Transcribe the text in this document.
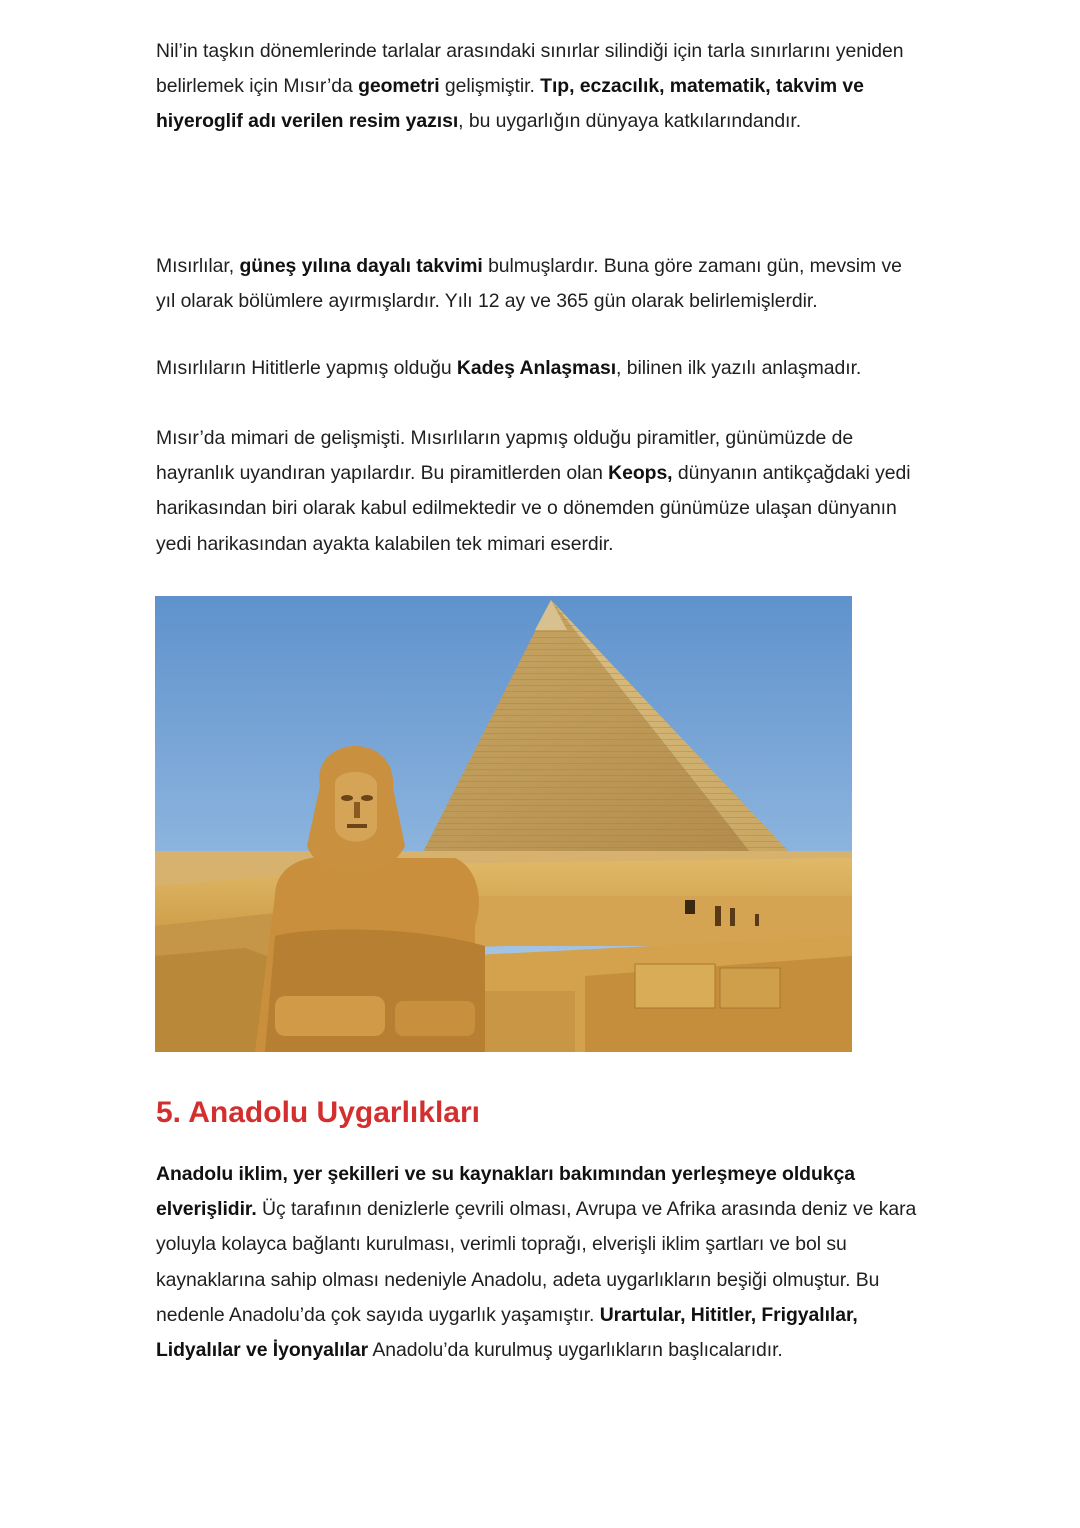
Nil’in taşkın dönemlerinde tarlalar arasındaki sınırlar silindiği için tarla sınırlarını yeniden belirlemek için Mısır’da geometri gelişmiştir. Tıp, eczacılık, matematik, takvim ve hiyeroglif adı verilen resim yazısı, bu uygarlığın dünyaya katkılarındandır.

Mısırlılar, güneş yılına dayalı takvimi bulmuşlardır. Buna göre zamanı gün, mevsim ve yıl olarak bölümlere ayırmışlardır. Yılı 12 ay ve 365 gün olarak belirlemişlerdir.

Mısırlıların Hititlerle yapmış olduğu Kadeş Anlaşması, bilinen ilk yazılı anlaşmadır.

Mısır’da mimari de gelişmişti. Mısırlıların yapmış olduğu piramitler, günümüzde de hayranlık uyandıran yapılardır. Bu piramitlerden olan Keops, dünyanın antikçağdaki yedi harikasından biri olarak kabul edilmektedir ve o dönemden günümüze ulaşan dünyanın yedi harikasından ayakta kalabilen tek mimari eserdir.

5. Anadolu Uygarlıkları

Anadolu iklim, yer şekilleri ve su kaynakları bakımından yerleşmeye oldukça elverişlidir. Üç tarafının denizlerle çevrili olması, Avrupa ve Afrika arasında deniz ve kara yoluyla kolayca bağlantı kurulması, verimli toprağı, elverişli iklim şartları ve bol su kaynaklarına sahip olması nedeniyle Anadolu, adeta uygarlıkların beşiği olmuştur. Bu nedenle Anadolu’da çok sayıda uygarlık yaşamıştır. Urartular, Hititler, Frigyalılar, Lidyalılar ve İyonyalılar Anadolu’da kurulmuş uygarlıkların başlıcalarıdır.
